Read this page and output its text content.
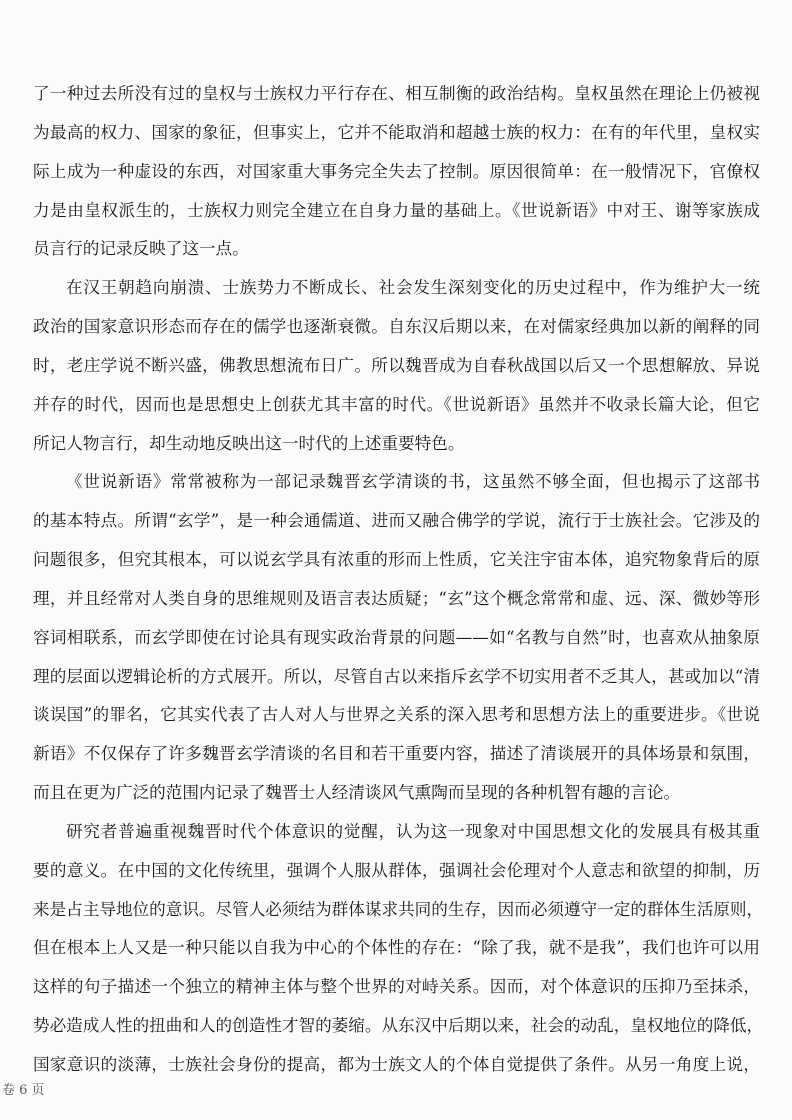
了一种过去所没有过的皇权与士族权力平行存在、相互制衡的政治结构。皇权虽然在理论上仍被视
为最高的权力、国家的象征，但事实上，它并不能取消和超越士族的权力：在有的年代里，皇权实
际上成为一种虚设的东西，对国家重大事务完全失去了控制。原因很简单：在一般情况下，官僚权
力是由皇权派生的，士族权力则完全建立在自身力量的基础上。《世说新语》中对王、谢等家族成
员言行的记录反映了这一点。
在汉王朝趋向崩溃、士族势力不断成长、社会发生深刻变化的历史过程中，作为维护大一统
政治的国家意识形态而存在的儒学也逐渐衰微。自东汉后期以来，在对儒家经典加以新的阐释的同
时，老庄学说不断兴盛，佛教思想流布日广。所以魏晋成为自春秋战国以后又一个思想解放、异说
并存的时代，因而也是思想史上创获尤其丰富的时代。《世说新语》虽然并不收录长篇大论，但它
所记人物言行，却生动地反映出这一时代的上述重要特色。
《世说新语》常常被称为一部记录魏晋玄学清谈的书，这虽然不够全面，但也揭示了这部书
的基本特点。所谓“玄学”，是一种会通儒道、进而又融合佛学的学说，流行于士族社会。它涉及的
问题很多，但究其根本，可以说玄学具有浓重的形而上性质，它关注宇宙本体，追究物象背后的原
理，并且经常对人类自身的思维规则及语言表达质疑；“玄”这个概念常常和虚、远、深、微妙等形
容词相联系，而玄学即使在讨论具有现实政治背景的问题——如“名教与自然”时，也喜欢从抽象原
理的层面以逻辑论析的方式展开。所以，尽管自古以来指斥玄学不切实用者不乏其人，甚或加以“清
谈误国”的罪名，它其实代表了古人对人与世界之关系的深入思考和思想方法上的重要进步。《世说
新语》不仅保存了许多魏晋玄学清谈的名目和若干重要内容，描述了清谈展开的具体场景和氛围，
而且在更为广泛的范围内记录了魏晋士人经清谈风气熏陶而呈现的各种机智有趣的言论。
研究者普遍重视魏晋时代个体意识的觉醒，认为这一现象对中国思想文化的发展具有极其重
要的意义。在中国的文化传统里，强调个人服从群体，强调社会伦理对个人意志和欲望的抑制，历
来是占主导地位的意识。尽管人必须结为群体谋求共同的生存，因而必须遵守一定的群体生活原则，
但在根本上人又是一种只能以自我为中心的个体性的存在：“除了我，就不是我”，我们也许可以用
这样的句子描述一个独立的精神主体与整个世界的对峙关系。因而，对个体意识的压抑乃至抹杀，
势必造成人性的扭曲和人的创造性才智的萎缩。从东汉中后期以来，社会的动乱，皇权地位的降低，
国家意识的淡薄，士族社会身份的提高，都为士族文人的个体自觉提供了条件。从另一角度上说，
卷 6 页
